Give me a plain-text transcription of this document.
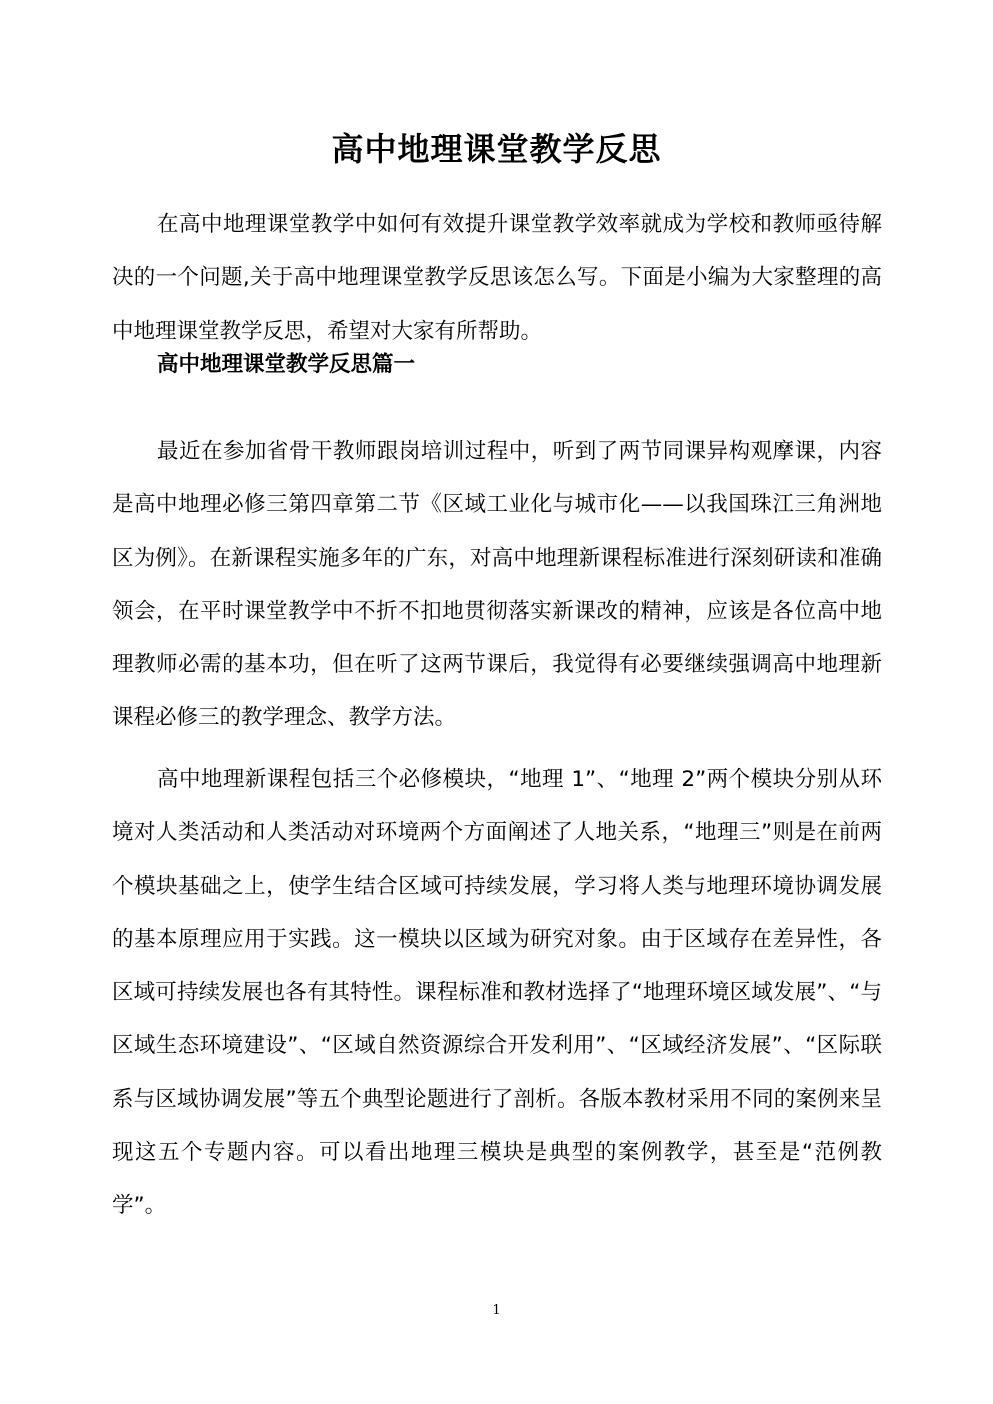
高中地理课堂教学反思

在高中地理课堂教学中如何有效提升课堂教学效率就成为学校和教师亟待解决的一个问题,关于高中地理课堂教学反思该怎么写。下面是小编为大家整理的高中地理课堂教学反思，希望对大家有所帮助。

高中地理课堂教学反思篇一

最近在参加省骨干教师跟岗培训过程中，听到了两节同课异构观摩课，内容是高中地理必修三第四章第二节《区域工业化与城市化——以我国珠江三角洲地区为例》。在新课程实施多年的广东，对高中地理新课程标准进行深刻研读和准确领会，在平时课堂教学中不折不扣地贯彻落实新课改的精神，应该是各位高中地理教师必需的基本功，但在听了这两节课后，我觉得有必要继续强调高中地理新课程必修三的教学理念、教学方法。

高中地理新课程包括三个必修模块，“地理 1”、“地理 2”两个模块分别从环境对人类活动和人类活动对环境两个方面阐述了人地关系，“地理三”则是在前两个模块基础之上，使学生结合区域可持续发展，学习将人类与地理环境协调发展的基本原理应用于实践。这一模块以区域为研究对象。由于区域存在差异性，各区域可持续发展也各有其特性。课程标准和教材选择了“地理环境区域发展”、“与区域生态环境建设”、“区域自然资源综合开发利用”、“区域经济发展”、“区际联系与区域协调发展”等五个典型论题进行了剖析。各版本教材采用不同的案例来呈现这五个专题内容。可以看出地理三模块是典型的案例教学，甚至是“范例教学”。

1
